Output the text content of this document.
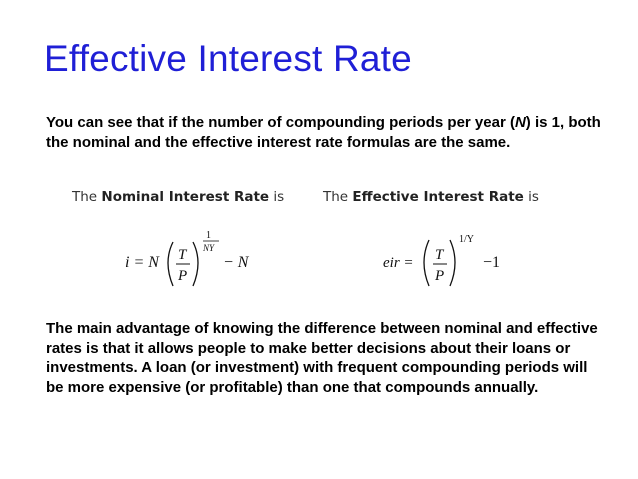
Effective Interest Rate
You can see that if the number of compounding periods per year (N) is 1, both the nominal and the effective interest rate formulas are the same.
The Nominal Interest Rate is	The Effective Interest Rate is
i = N T
P
1
NY
− N	eir = T
P
1/Y
−1
The main advantage of knowing the difference between nominal and effective rates is that it allows people to make better decisions about their loans or investments. A loan (or investment) with frequent compounding periods will be more expensive (or profitable) than one that compounds annually.
